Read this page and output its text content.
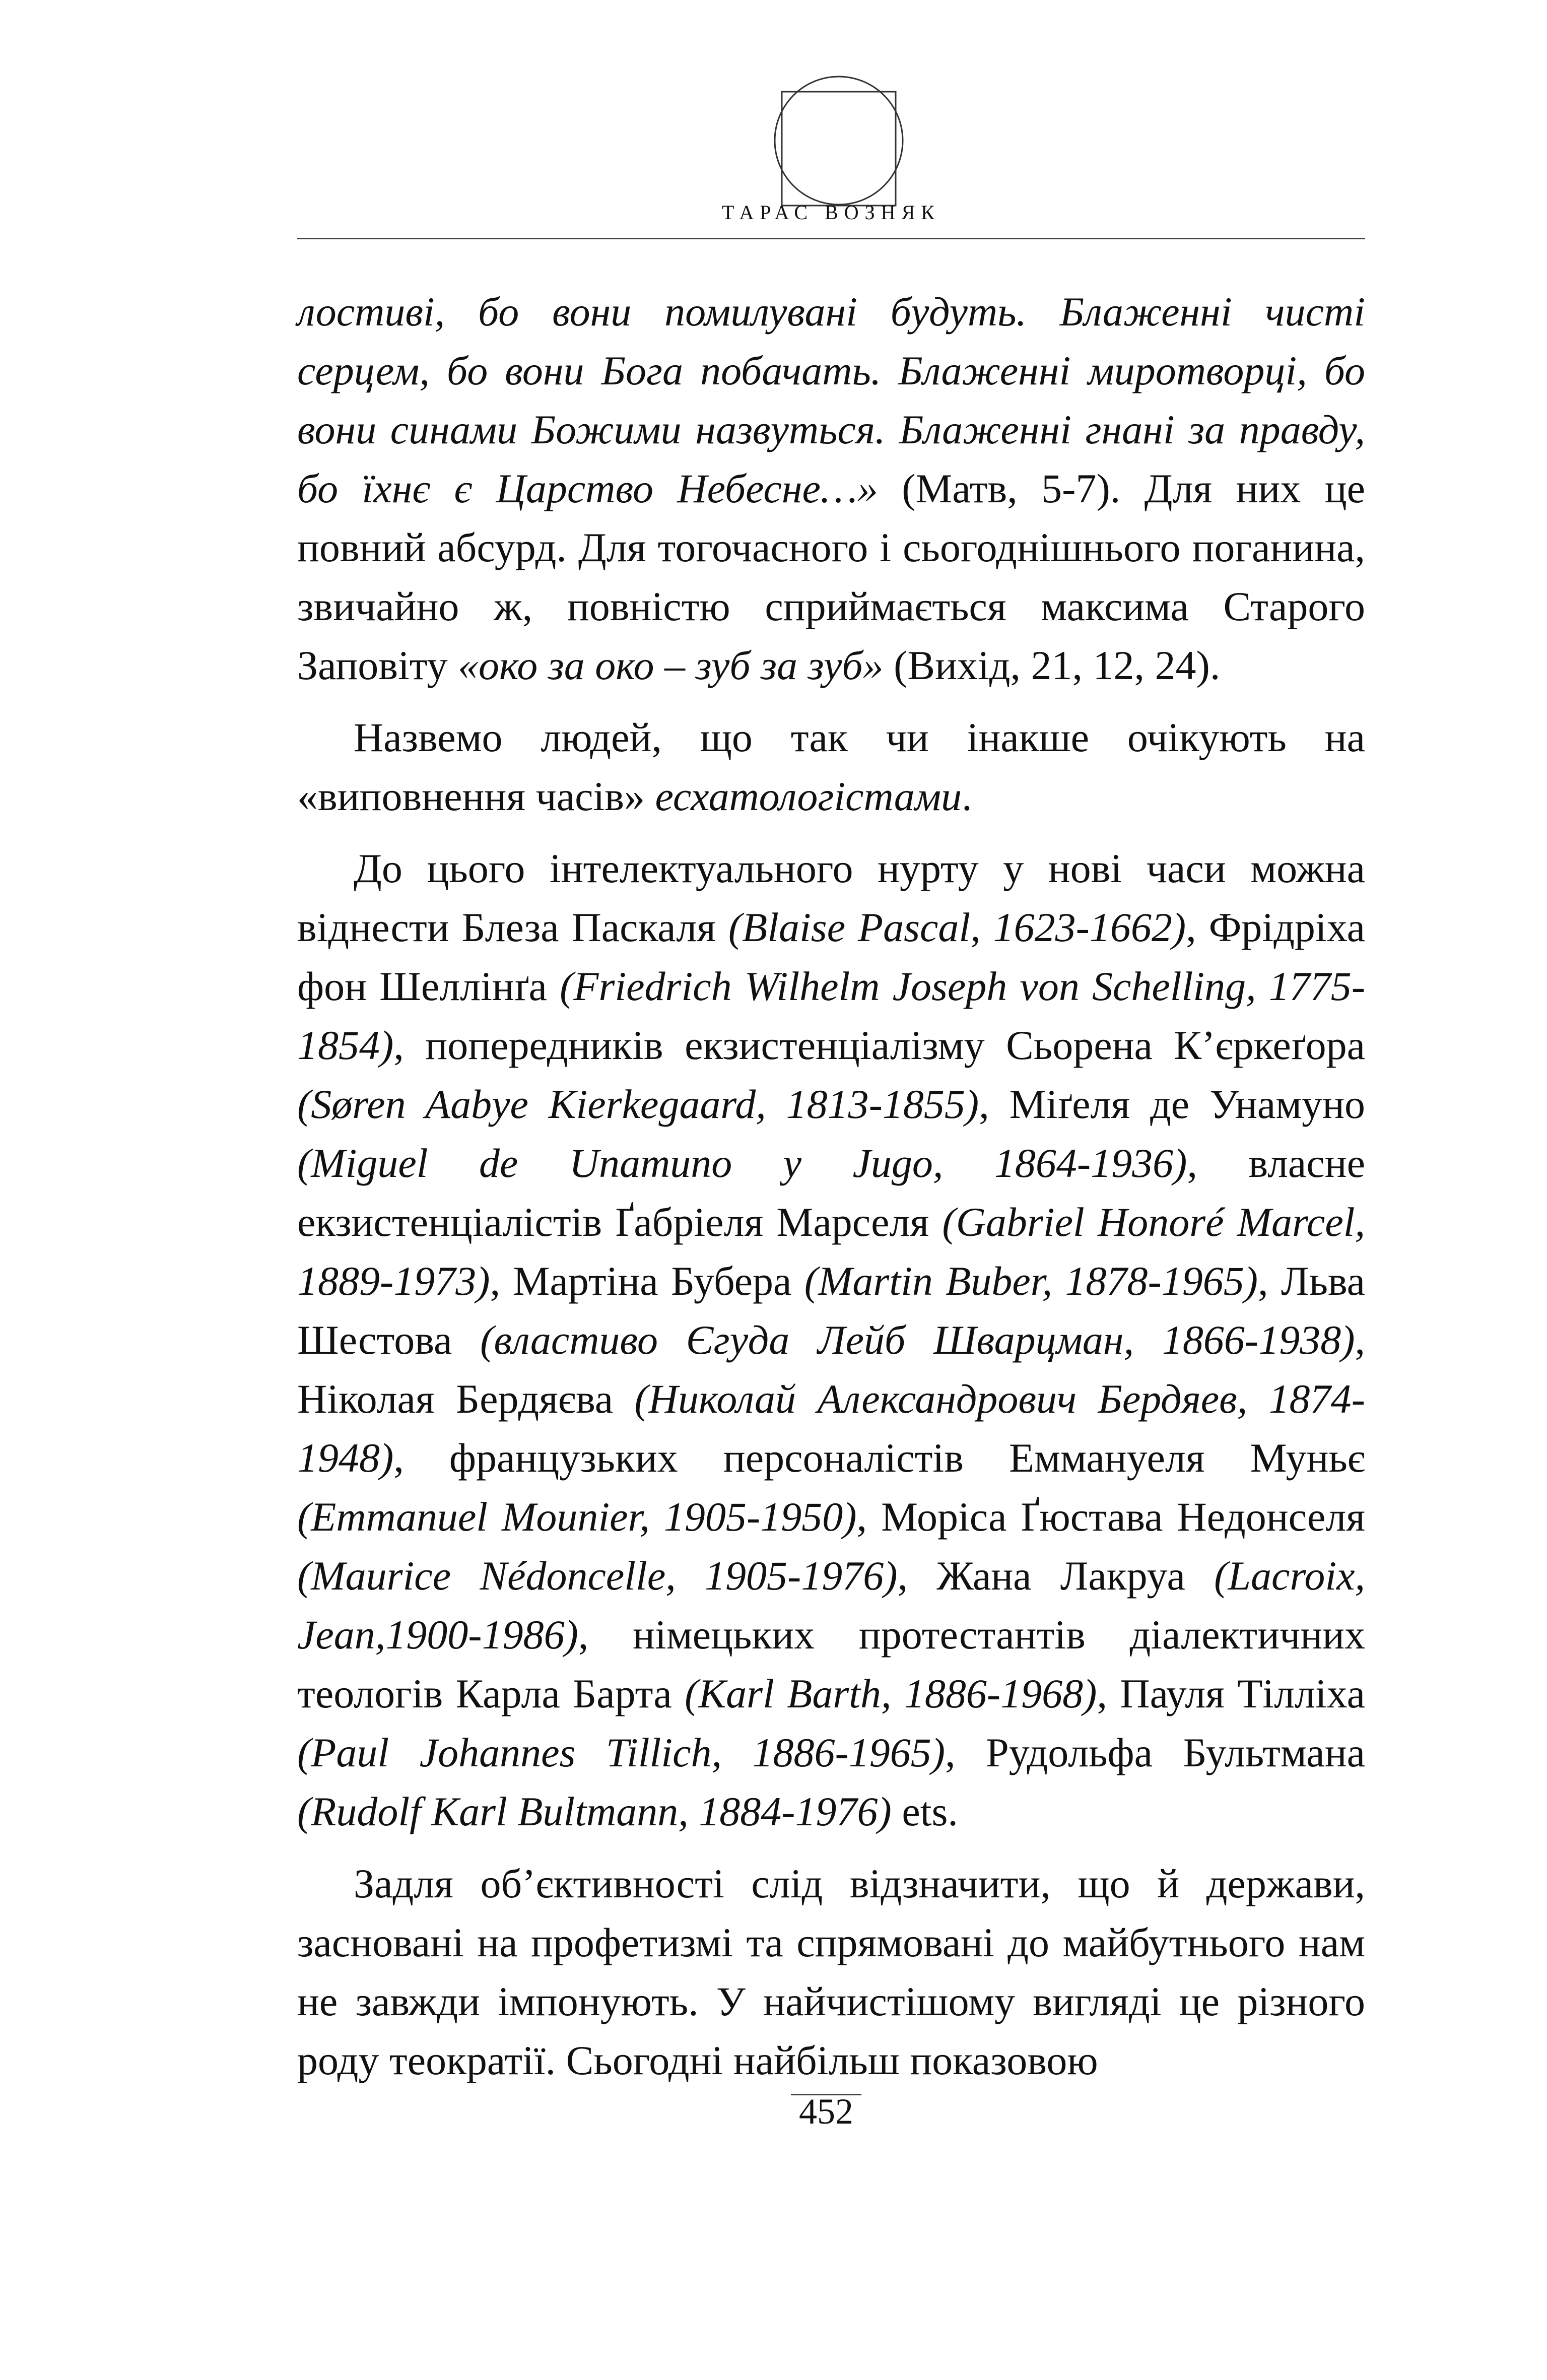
ТАРАС ВОЗНЯК

лостиві, бо вони помилувані будуть. Блаженні чисті серцем, бо вони Бога побачать. Блаженні миротворці, бо вони синами Божими назвуться. Блаженні гнані за правду, бо їхнє є Царство Небесне…» (Матв, 5-7). Для них це повний абсурд. Для тогочасного і сьогоднішнього поганина, звичайно ж, повністю сприймається максима Старого Заповіту «око за око – зуб за зуб» (Вихід, 21, 12, 24).

Назвемо людей, що так чи інакше очікують на «виповнення часів» есхатологістами.

До цього інтелектуального нурту у нові часи можна віднести Блеза Паскаля (Blaise Pascal, 1623-1662), Фрідріха фон Шеллінґа (Friedrich Wilhelm Joseph von Schelling, 1775-1854), попередників екзистенціалізму Сьорена К’єркеґора (Søren Aabye Kierkegaard, 1813-1855), Міґеля де Унамуно (Miguel de Unamuno y Jugo, 1864-1936), власне екзистенціалістів Ґабріеля Марселя (Gabriel Honoré Marcel, 1889-1973), Мартіна Бубера (Martin Buber, 1878-1965), Льва Шестова (властиво Єгуда Лейб Шварцман, 1866-1938), Ніколая Бердяєва (Николай Александрович Бердяев, 1874-1948), французьких персоналістів Еммануеля Муньє (Emmanuel Mounier, 1905-1950), Моріса Ґюстава Недонселя (Maurice Nédoncelle, 1905-1976), Жана Лакруа (Lacroix, Jean,1900-1986), німецьких протестантів діалектичних теологів Карла Барта (Karl Barth, 1886-1968), Пауля Тілліха (Paul Johannes Tillich, 1886-1965), Рудольфа Бультмана (Rudolf Karl Bultmann, 1884-1976) ets.

Задля об’єктивності слід відзначити, що й держави, засновані на профетизмі та спрямовані до майбутнього нам не завжди імпонують. У найчистішому вигляді це різного роду теократії. Сьогодні найбільш показовою

452
